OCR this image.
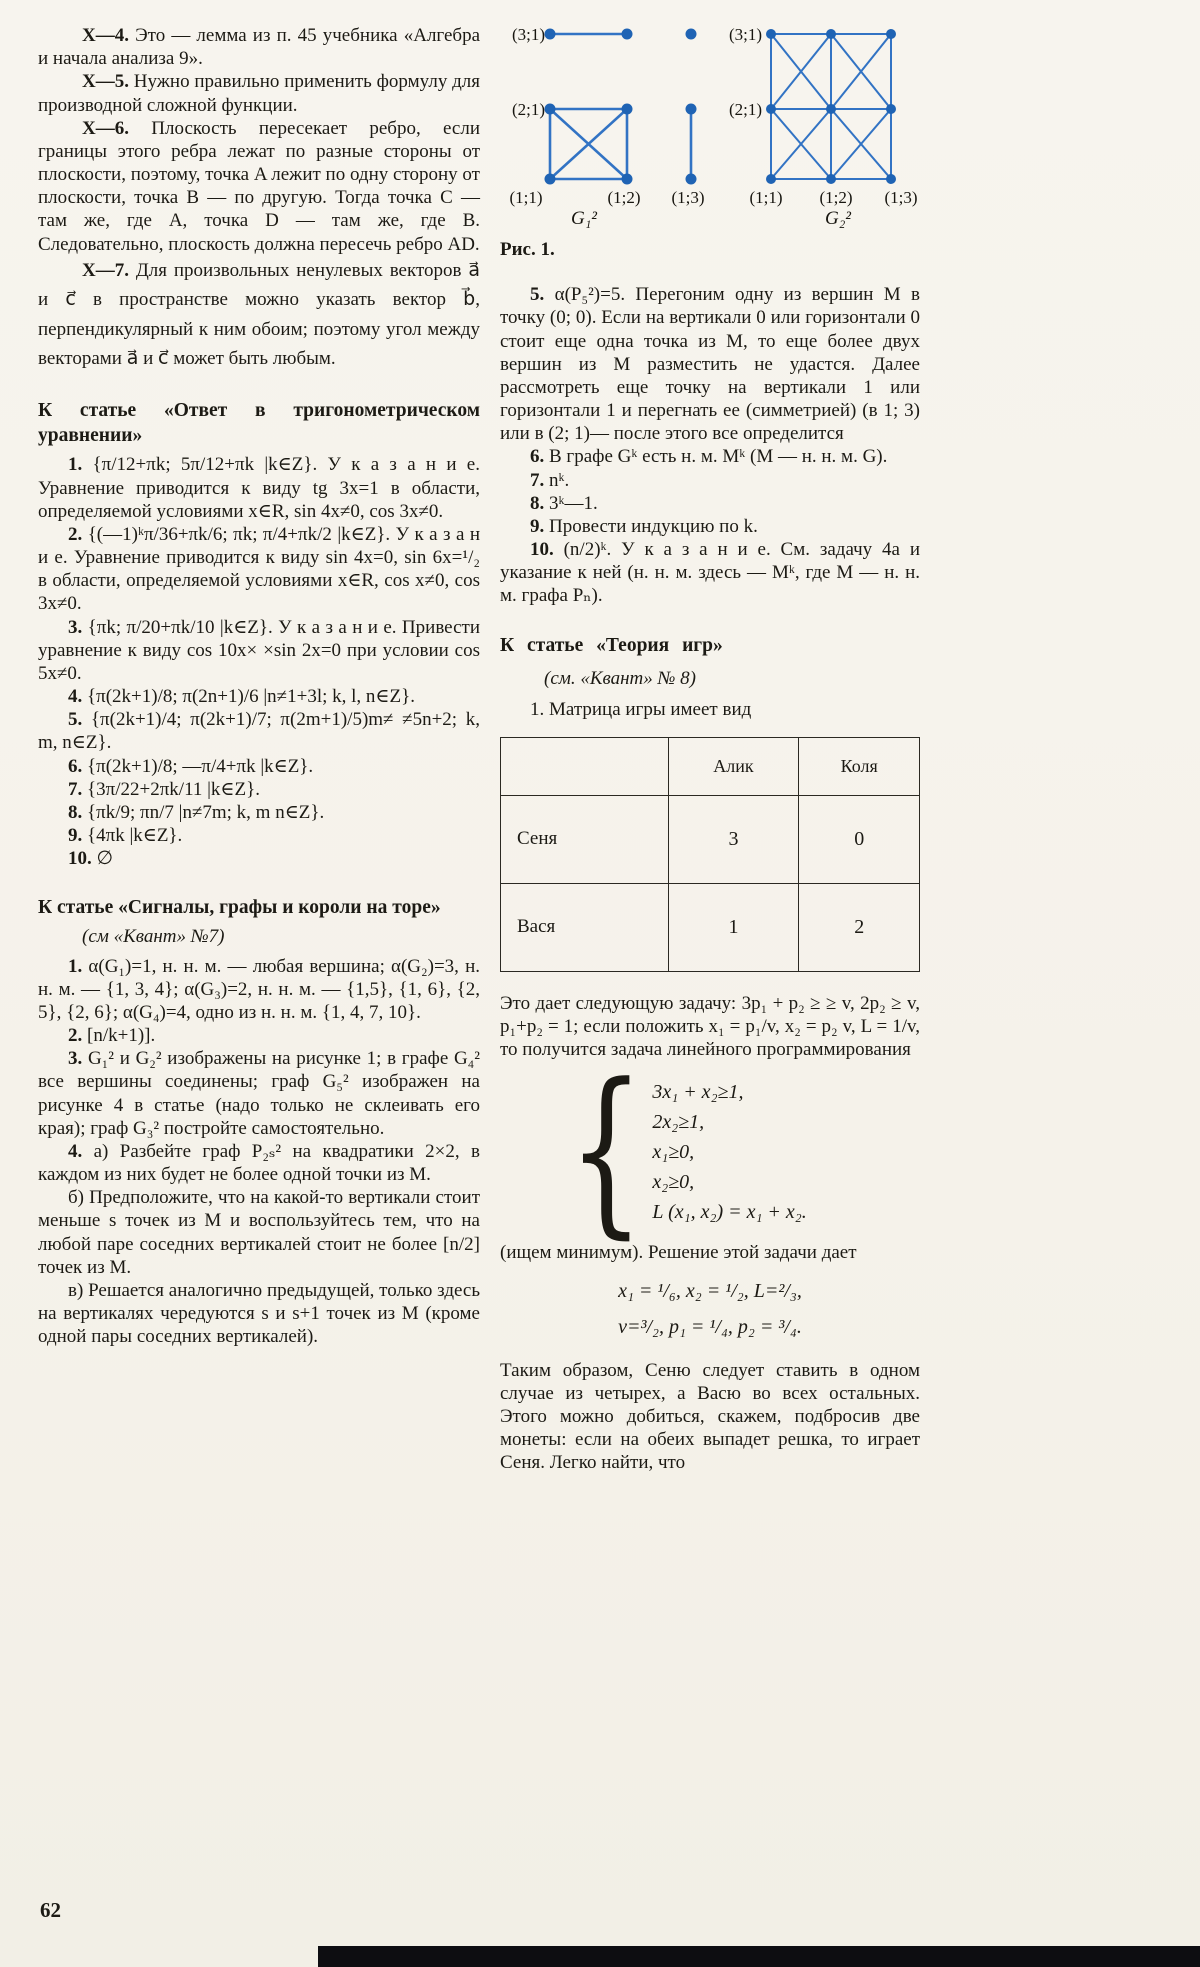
Х—4. Это — лемма из п. 45 учебника «Алгебра и начала анализа 9».

Х—5. Нужно правильно применить формулу для производной сложной функции.

Х—6. Плоскость пересекает ребро, если границы этого ребра лежат по разные стороны от плоскости, поэтому, точка A лежит по одну сторону от плоскости, точка B — по другую. Тогда точка C — там же, где A, точка D — там же, где B. Следовательно, плоскость должна пересечь ребро AD.

Х—7. Для произвольных ненулевых векторов a⃗ и c⃗ в пространстве можно указать вектор b⃗, перпендикулярный к ним обоим; поэтому угол между векторами a⃗ и c⃗ может быть любым.

К статье «Ответ в тригонометрическом уравнении»

1. {π/12+πk; 5π/12+πk |k∈Z}. У к а з а н и е. Уравнение приводится к виду tg 3x=1 в области, определяемой условиями x∈R, sin 4x≠0, cos 3x≠0.

2. {(—1)ᵏπ/36+πk/6; πk; π/4+πk/2 |k∈Z}. У к а з а н и е. Уравнение приводится к виду sin 4x=0, sin 6x=¹/₂ в области, определяемой условиями x∈R, cos x≠0, cos 3x≠0.

3. {πk; π/20+πk/10 |k∈Z}. У к а з а н и е. Привести уравнение к виду cos 10x× ×sin 2x=0 при условии cos 5x≠0.

4. {π(2k+1)/8; π(2n+1)/6 |n≠1+3l; k, l, n∈Z}.

5. {π(2k+1)/4; π(2k+1)/7; π(2m+1)/5)m≠ ≠5n+2; k, m, n∈Z}.

6. {π(2k+1)/8; —π/4+πk |k∈Z}.

7. {3π/22+2πk/11 |k∈Z}.

8. {πk/9; πn/7 |n≠7m; k, m n∈Z}.

9. {4πk |k∈Z}.

10. ∅

К статье «Сигналы, графы и короли на торе»

(см «Квант» №7)

1. α(G₁)=1, н. н. м. — любая вершина; α(G₂)=3, н. н. м. — {1, 3, 4}; α(G₃)=2, н. н. м. — {1,5}, {1, 6}, {2, 5}, {2, 6}; α(G₄)=4, одно из н. н. м. {1, 4, 7, 10}.

2. [n/k+1)].

3. G₁² и G₂² изображены на рисунке 1; в графе G₄² все вершины соединены; граф G₅² изображен на рисунке 4 в статье (надо только не склеивать его края); граф G₃² постройте самостоятельно.

4. а) Разбейте граф P₂ₛ² на квадратики 2×2, в каждом из них будет не более одной точки из M.

б) Предположите, что на какой-то вертикали стоит меньше s точек из M и воспользуйтесь тем, что на любой паре соседних вертикалей стоит не более [n/2] точек из M.

в) Решается аналогично предыдущей, только здесь на вертикалях чередуются s и s+1 точек из M (кроме одной пары соседних вертикалей).

(3;1)
(2;1)
(1;1)	(1;2) (1;3)
G₁²
(3;1)
(2;1)
(1;1) (1;2) (1;3)
G₂²

Рис. 1.

5. α(P₅²)=5. Перегоним одну из вершин M в точку (0; 0). Если на вертикали 0 или горизонтали 0 стоит еще одна точка из M, то еще более двух вершин из M разместить не удастся. Далее рассмотреть еще точку на вертикали 1 или горизонтали 1 и перегнать ее (симметрией) (в 1; 3) или в (2; 1)— после этого все определится

6. В графе Gᵏ есть н. м. Mᵏ (M — н. н. м. G).

7. nᵏ.

8. 3ᵏ—1.

9. Провести индукцию по k.

10. (n/2)ᵏ. У к а з а н и е. См. задачу 4а и указание к ней (н. н. м. здесь — Mᵏ, где M — н. н. м. графа Pₙ).

К статье «Теория игр»

(см. «Квант» № 8)

1. Матрица игры имеет вид

	Алик	Коля
Сеня	3	0
Вася	1	2

Это дает следующую задачу: 3p₁ + p₂ ≥ ≥ v, 2p₂ ≥ v, p₁+p₂ = 1; если положить x₁ = p₁/v, x₂ = p₂ v, L = 1/v, то получится задача линейного программирования

{ 3x₁ + x₂≥1,
2x₂≥1,
x₁≥0,
x₂≥0,
L (x₁, x₂) = x₁ + x₂.

(ищем минимум). Решение этой задачи дает

x₁ = ¹/₆, x₂ = ¹/₂, L=²/₃,
v=³/₂, p₁ = ¹/₄, p₂ = ³/₄.

Таким образом, Сеню следует ставить в одном случае из четырех, а Васю во всех остальных. Этого можно добиться, скажем, подбросив две монеты: если на обеих выпадет решка, то играет Сеня. Легко найти, что

62
